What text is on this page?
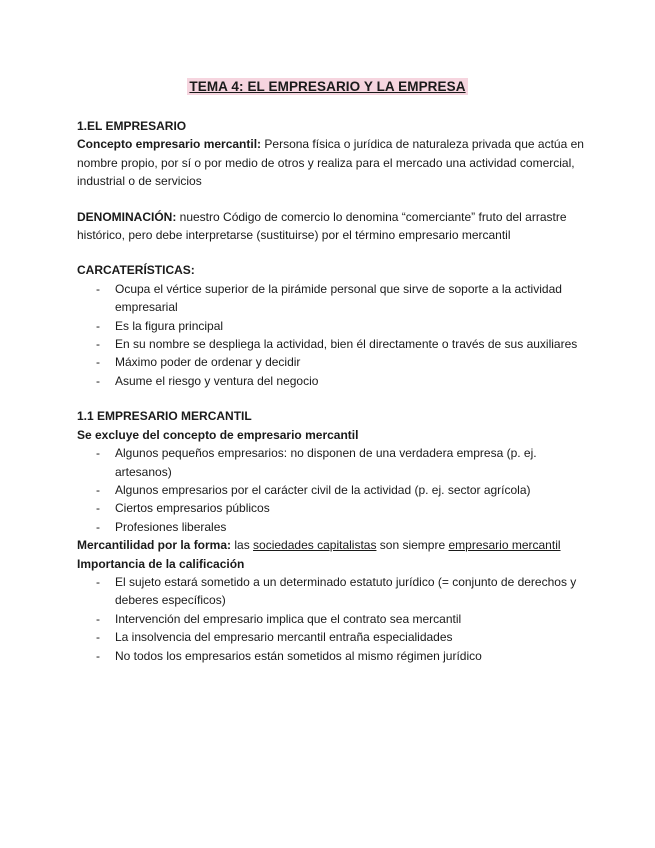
TEMA 4: EL EMPRESARIO Y LA EMPRESA

1.EL EMPRESARIO

Concepto empresario mercantil: Persona física o jurídica de naturaleza privada que actúa en nombre propio, por sí o por medio de otros y realiza para el mercado una actividad comercial, industrial o de servicios

DENOMINACIÓN: nuestro Código de comercio lo denomina “comerciante” fruto del arrastre histórico, pero debe interpretarse (sustituirse) por el término empresario mercantil

CARCATERÍSTICAS:

- Ocupa el vértice superior de la pirámide personal que sirve de soporte a la actividad empresarial
- Es la figura principal
- En su nombre se despliega la actividad, bien él directamente o través de sus auxiliares
- Máximo poder de ordenar y decidir
- Asume el riesgo y ventura del negocio

1.1 EMPRESARIO MERCANTIL

Se excluye del concepto de empresario mercantil

- Algunos pequeños empresarios: no disponen de una verdadera empresa (p. ej. artesanos)
- Algunos empresarios por el carácter civil de la actividad (p. ej. sector agrícola)
- Ciertos empresarios públicos
- Profesiones liberales

Mercantilidad por la forma: las sociedades capitalistas son siempre empresario mercantil

Importancia de la calificación

- El sujeto estará sometido a un determinado estatuto jurídico (= conjunto de derechos y deberes específicos)
- Intervención del empresario implica que el contrato sea mercantil
- La insolvencia del empresario mercantil entraña especialidades
- No todos los empresarios están sometidos al mismo régimen jurídico
